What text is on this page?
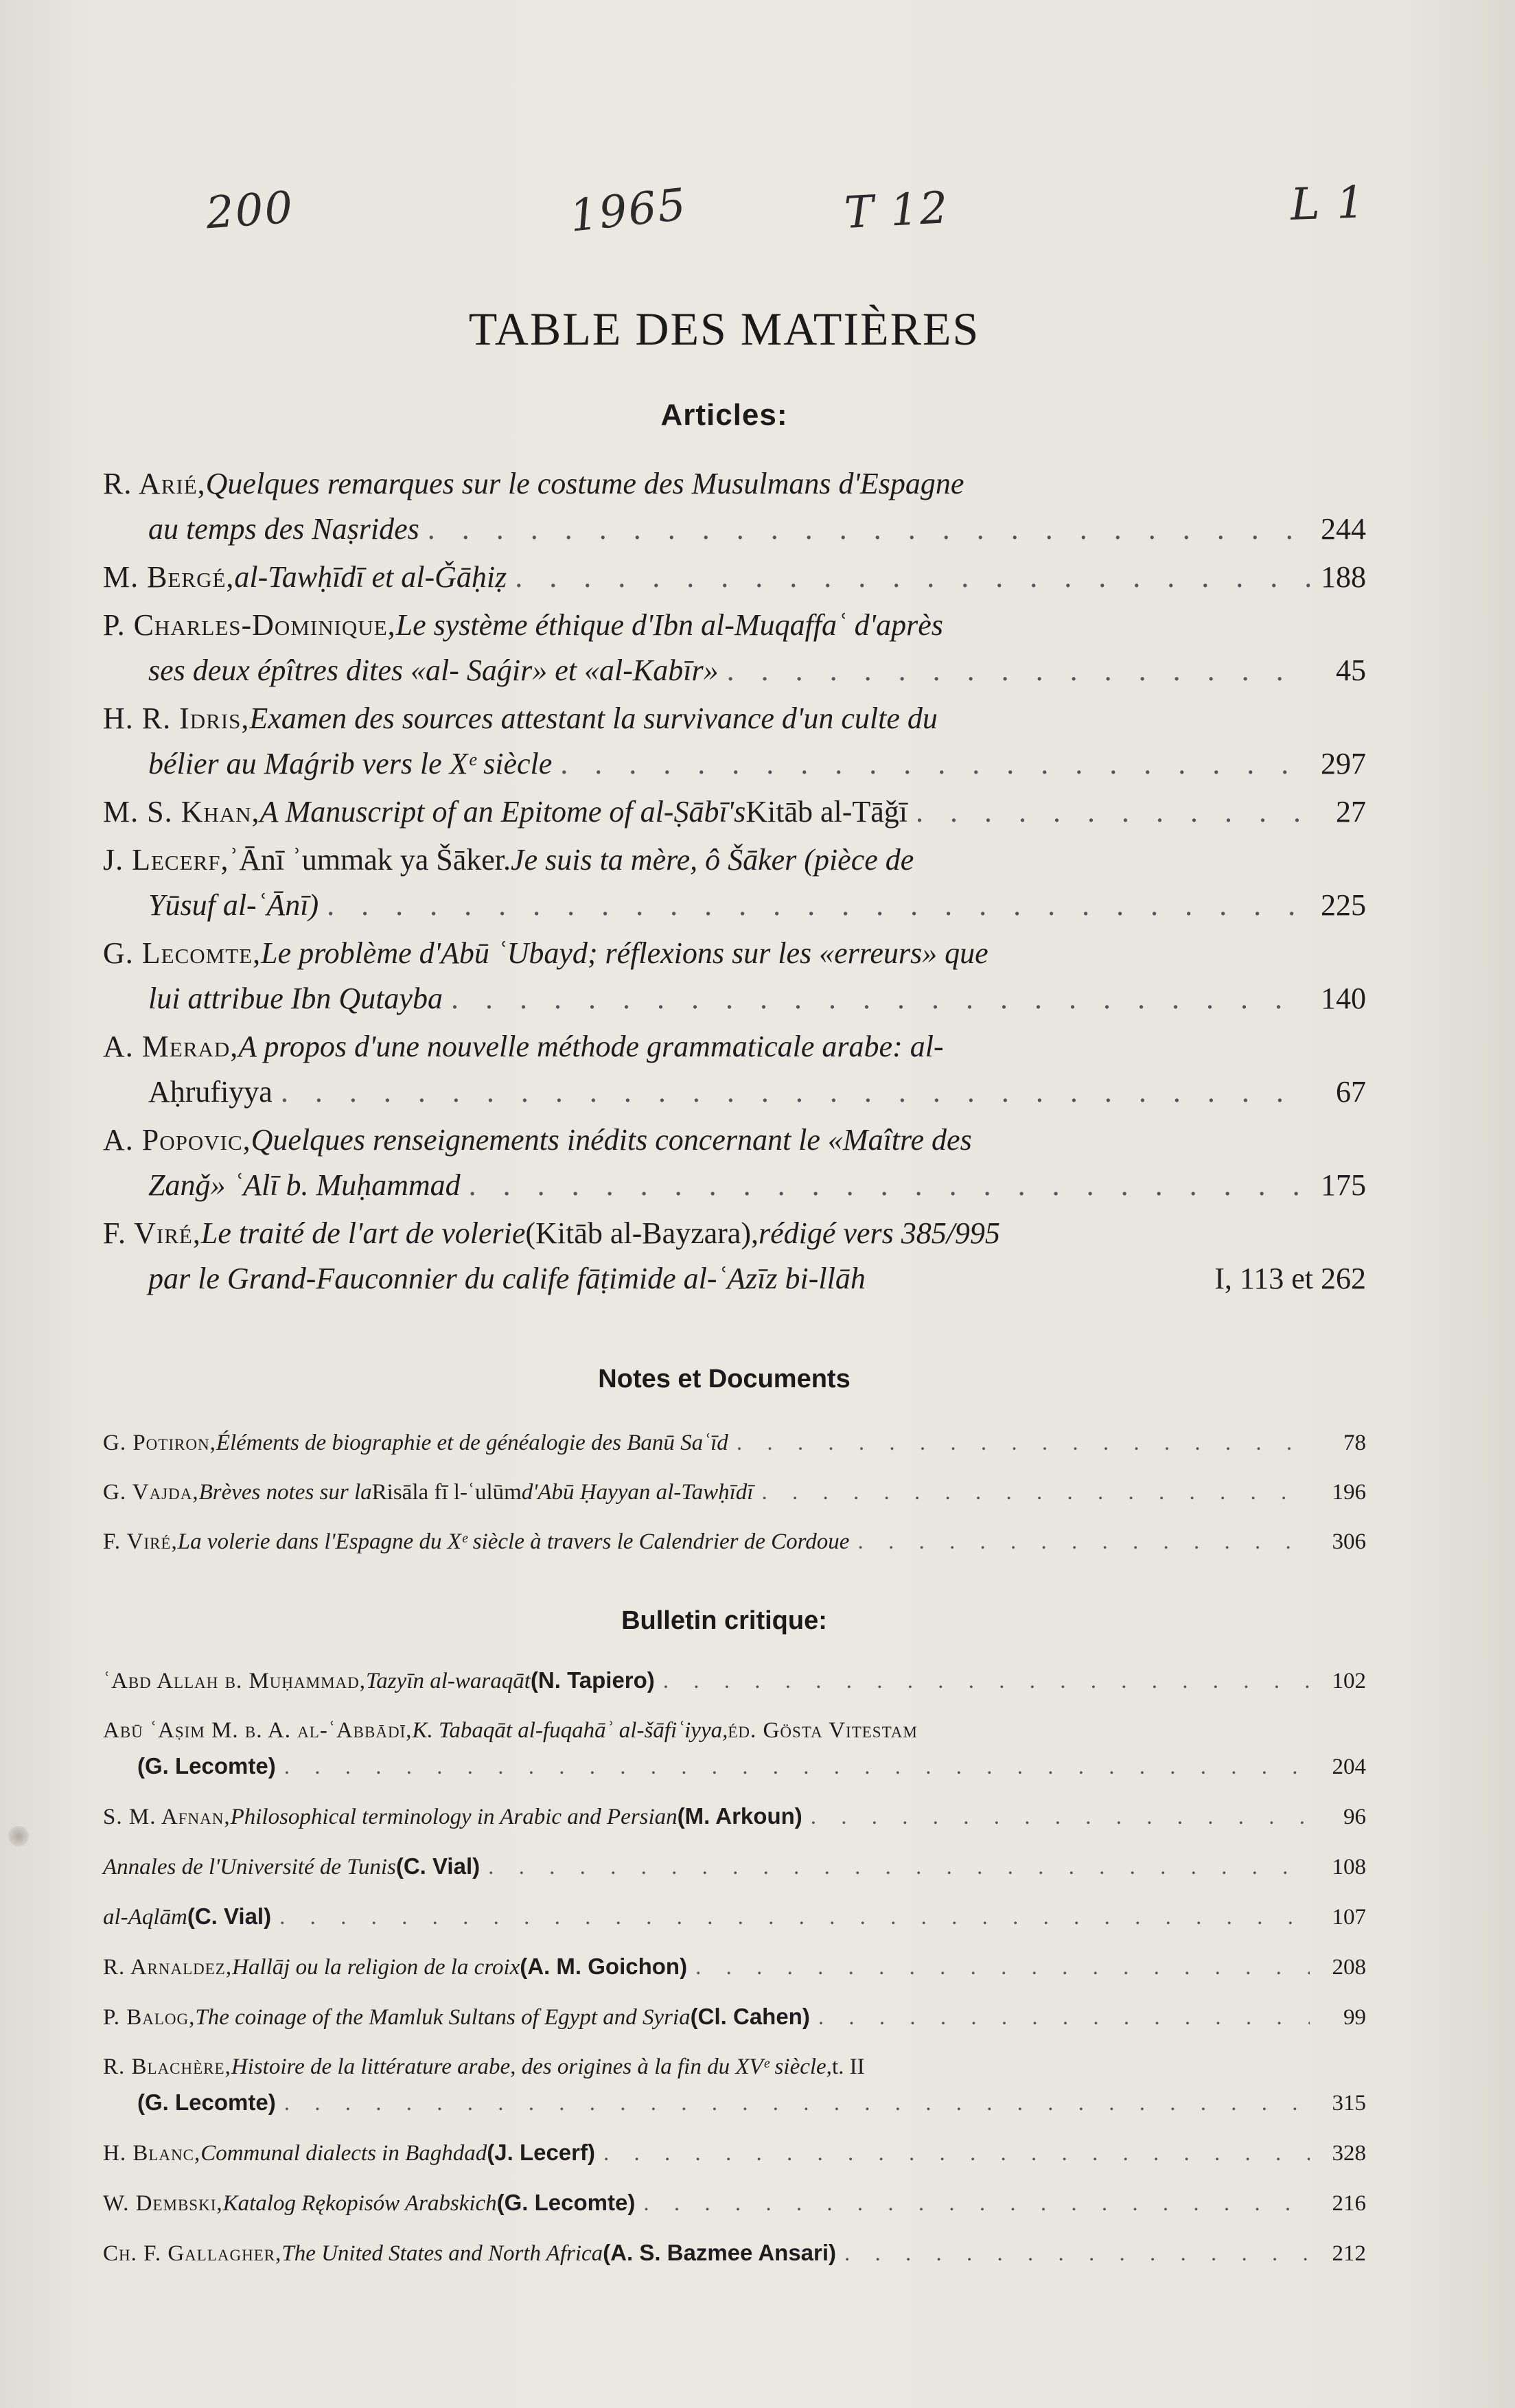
200	1965	T 12	L 1
TABLE DES MATIÈRES
Articles:
R. Arié, Quelques remarques sur le costume des Musulmans d'Espagne
au temps des Naṣrides . . .	244
M. Bergé, al-Tawḥīdī et al-Ǧāḥiẓ . . .	188
P. Charles-Dominique, Le système éthique d'Ibn al-Muqaffaʿ d'après
ses deux épîtres dites «al- Saǵir» et «al-Kabīr» . . .	45
H. R. Idris, Examen des sources attestant la survivance d'un culte du
bélier au Maǵrib vers le Xᵉ siècle . . .	297
M. S. Khan, A Manuscript of an Epitome of al-Ṣābī's Kitāb al-Tāǧī . . .	27
J. Lecerf, ʾĀnī ʾummak ya Šāker. Je suis ta mère, ô Šāker (pièce de
Yūsuf al-ʿĀnī) . . .	225
G. Lecomte, Le problème d'Abū ʿUbayd; réflexions sur les «erreurs» que
lui attribue Ibn Qutayba . . .	140
A. Merad, A propos d'une nouvelle méthode grammaticale arabe: al-
Aḥrufiyya . . .	67
A. Popovic, Quelques renseignements inédits concernant le «Maître des
Zanǧ» ʿAlī b. Muḥammad . . .	175
F. Viré, Le traité de l'art de volerie (Kitāb al-Bayzara), rédigé vers 385/995
par le Grand-Fauconnier du calife fāṭimide al-ʿAzīz bi-llāh	I, 113 et 262
Notes et Documents
G. Potiron, Éléments de biographie et de généalogie des Banū Saʿīd . . .	78
G. Vajda, Brèves notes sur la Risāla fī l-ʿulūm d'Abū Ḥayyan al-Tawḥīdī . . .	196
F. Viré, La volerie dans l'Espagne du Xᵉ siècle à travers le Calendrier de Cordoue . . .	306
Bulletin critique:
ʿAbd Allah b. Muḥammad, Tazyīn al-waraqāt (N. Tapiero) . . .	102
Abū ʿAṣim M. b. A. al-ʿAbbādī, K. Tabaqāt al-fuqahāʾ al-šāfiʿiyya, éd. Gösta Vitestam
(G. Lecomte) . . .	204
S. M. Afnan, Philosophical terminology in Arabic and Persian (M. Arkoun) . . .	96
Annales de l'Université de Tunis (C. Vial) . . .	108
al-Aqlām (C. Vial) . . .	107
R. Arnaldez, Hallāj ou la religion de la croix (A. M. Goichon) . . .	208
P. Balog, The coinage of the Mamluk Sultans of Egypt and Syria (Cl. Cahen) . . .	99
R. Blachère, Histoire de la littérature arabe, des origines à la fin du XVᵉ siècle, t. II
(G. Lecomte) . . .	315
H. Blanc, Communal dialects in Baghdad (J. Lecerf) . . .	328
W. Dembski, Katalog Rękopisów Arabskich (G. Lecomte) . . .	216
Ch. F. Gallagher, The United States and North Africa (A. S. Bazmee Ansari) . . .	212
